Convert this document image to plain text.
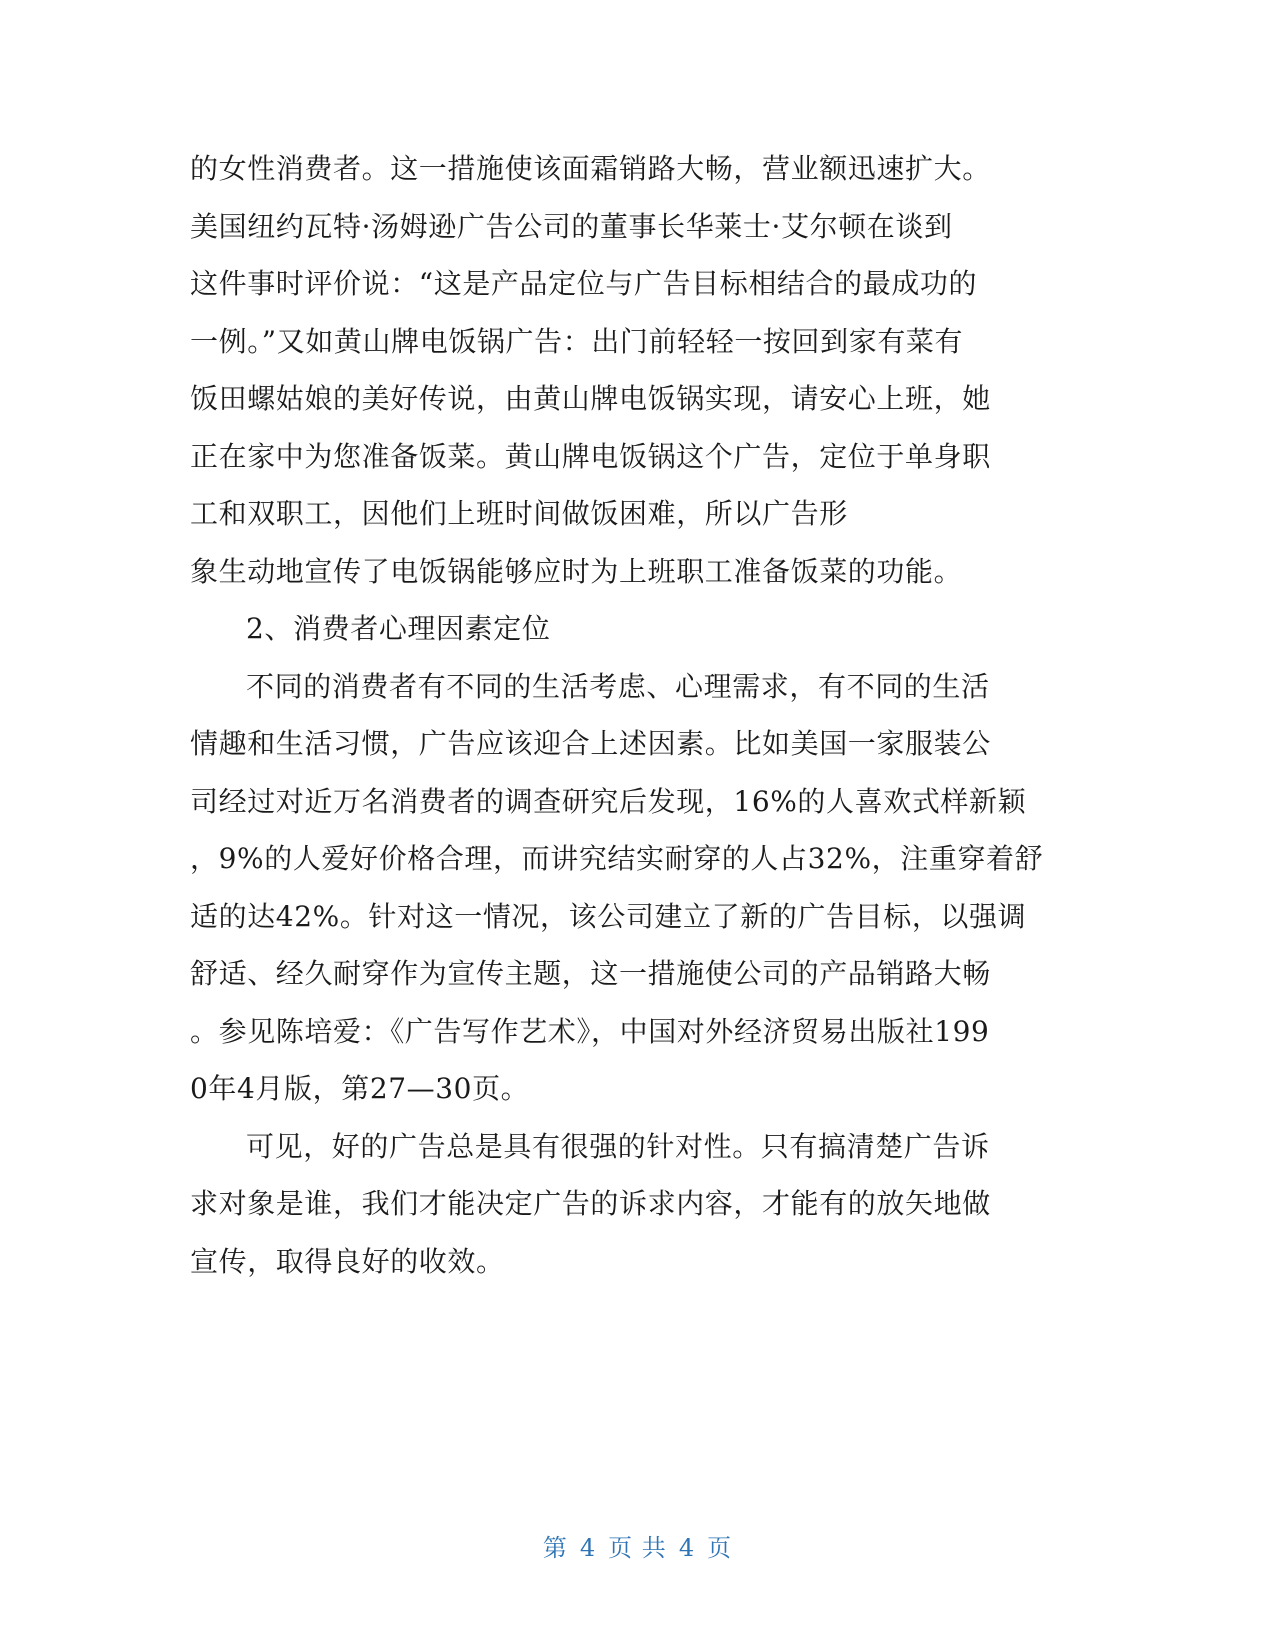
的女性消费者。这一措施使该面霜销路大畅，营业额迅速扩大。
美国纽约瓦特·汤姆逊广告公司的董事长华莱士·艾尔顿在谈到
这件事时评价说：“这是产品定位与广告目标相结合的最成功的
一例。”又如黄山牌电饭锅广告：出门前轻轻一按回到家有菜有
饭田螺姑娘的美好传说，由黄山牌电饭锅实现，请安心上班，她
正在家中为您准备饭菜。黄山牌电饭锅这个广告，定位于单身职
工和双职工，因他们上班时间做饭困难，所以广告形
象生动地宣传了电饭锅能够应时为上班职工准备饭菜的功能。
2、消费者心理因素定位
不同的消费者有不同的生活考虑、心理需求，有不同的生活
情趣和生活习惯，广告应该迎合上述因素。比如美国一家服装公
司经过对近万名消费者的调查研究后发现，16%的人喜欢式样新颖
，9%的人爱好价格合理，而讲究结实耐穿的人占32%，注重穿着舒
适的达42%。针对这一情况，该公司建立了新的广告目标，以强调
舒适、经久耐穿作为宣传主题，这一措施使公司的产品销路大畅
。参见陈培爱：《广告写作艺术》，中国对外经济贸易出版社199
0年4月版，第27—30页。
可见，好的广告总是具有很强的针对性。只有搞清楚广告诉
求对象是谁，我们才能决定广告的诉求内容，才能有的放矢地做
宣传，取得良好的收效。
第 4 页 共 4 页
